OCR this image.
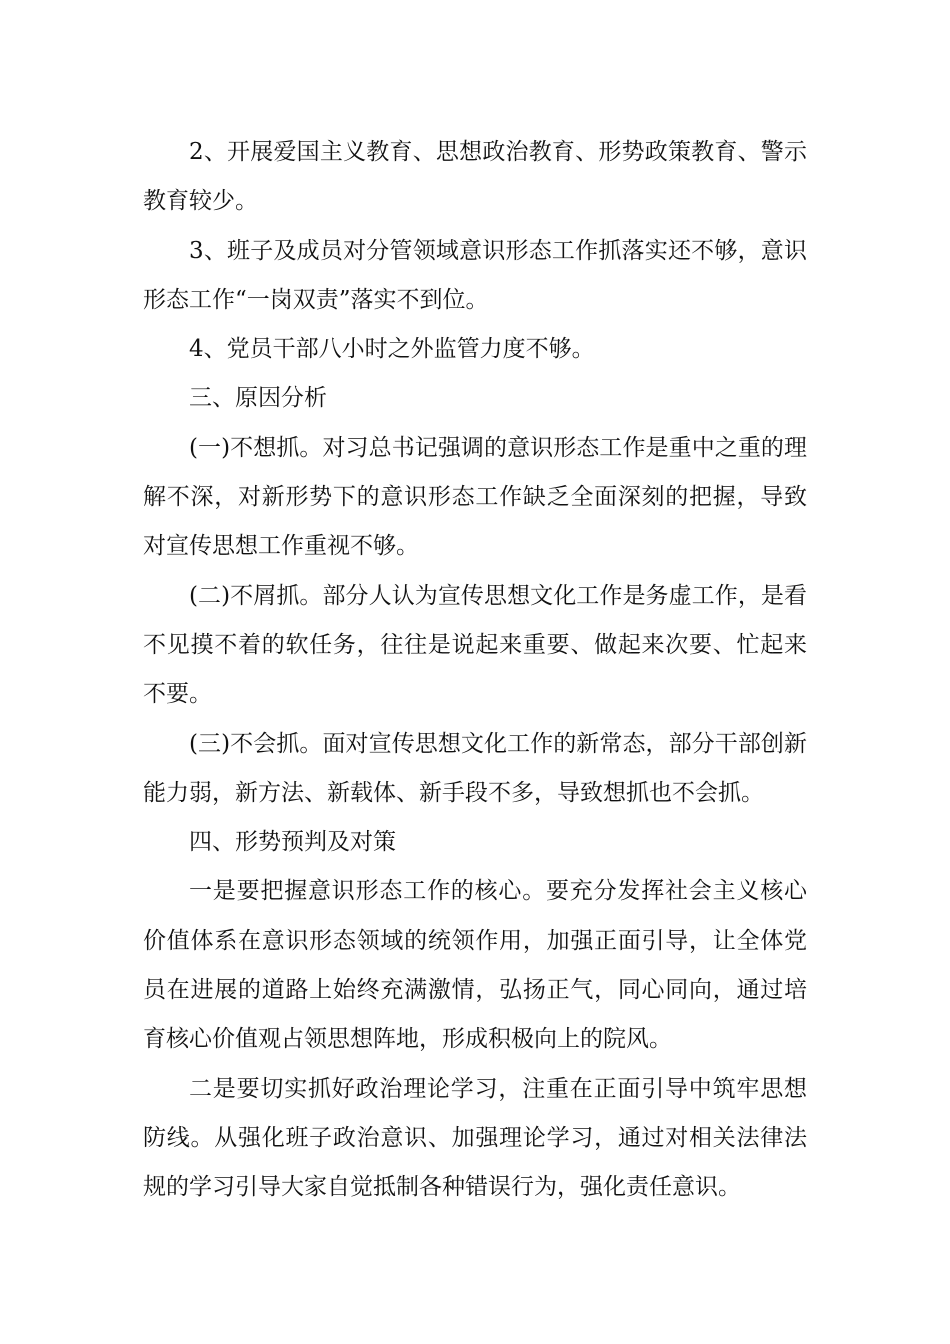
2、开展爱国主义教育、思想政治教育、形势政策教育、警示教育较少。

3、班子及成员对分管领域意识形态工作抓落实还不够，意识形态工作“一岗双责”落实不到位。

4、党员干部八小时之外监管力度不够。

三、原因分析

(一)不想抓。对习总书记强调的意识形态工作是重中之重的理解不深，对新形势下的意识形态工作缺乏全面深刻的把握，导致对宣传思想工作重视不够。

(二)不屑抓。部分人认为宣传思想文化工作是务虚工作，是看不见摸不着的软任务，往往是说起来重要、做起来次要、忙起来不要。

(三)不会抓。面对宣传思想文化工作的新常态，部分干部创新能力弱，新方法、新载体、新手段不多，导致想抓也不会抓。

四、形势预判及对策

一是要把握意识形态工作的核心。要充分发挥社会主义核心价值体系在意识形态领域的统领作用，加强正面引导，让全体党员在进展的道路上始终充满激情，弘扬正气，同心同向，通过培育核心价值观占领思想阵地，形成积极向上的院风。

二是要切实抓好政治理论学习，注重在正面引导中筑牢思想防线。从强化班子政治意识、加强理论学习，通过对相关法律法规的学习引导大家自觉抵制各种错误行为，强化责任意识。
